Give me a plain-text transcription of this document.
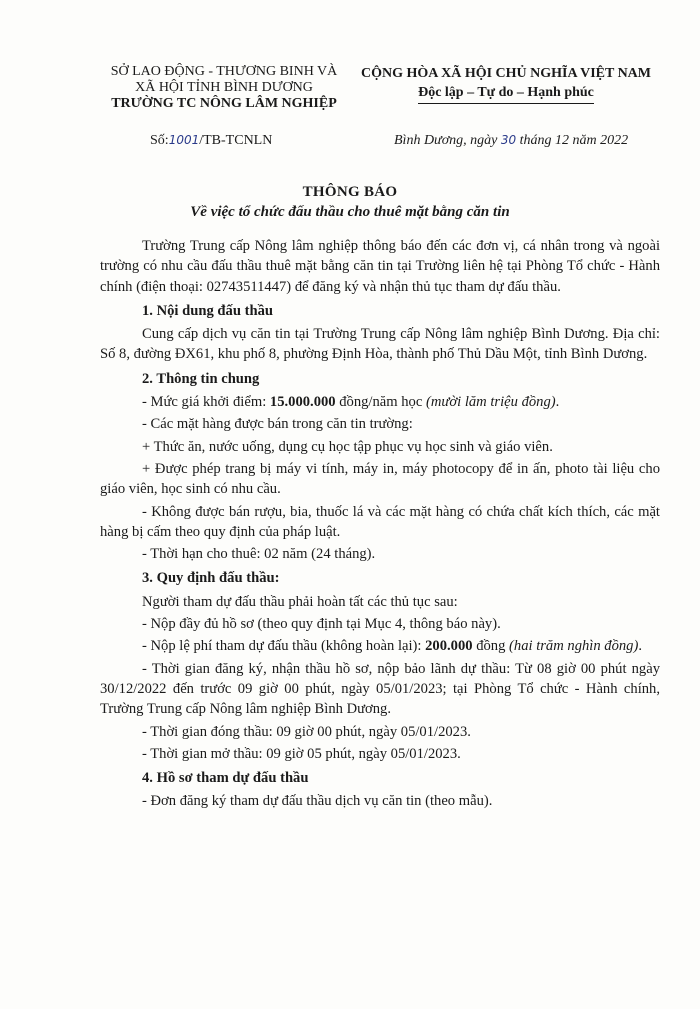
SỞ LAO ĐỘNG - THƯƠNG BINH VÀ
XÃ HỘI TỈNH BÌNH DƯƠNG
TRƯỜNG TC NÔNG LÂM NGHIỆP
CỘNG HÒA XÃ HỘI CHỦ NGHĨA VIỆT NAM
Độc lập – Tự do – Hạnh phúc
Số:1001/TB-TCNLN	Bình Dương, ngày 30 tháng 12 năm 2022
THÔNG BÁO
Về việc tổ chức đấu thầu cho thuê mặt bằng căn tin

Trường Trung cấp Nông lâm nghiệp thông báo đến các đơn vị, cá nhân trong và ngoài trường có nhu cầu đấu thầu thuê mặt bằng căn tin tại Trường liên hệ tại Phòng Tổ chức - Hành chính (điện thoại: 02743511447) để đăng ký và nhận thủ tục tham dự đấu thầu.

1. Nội dung đấu thầu

Cung cấp dịch vụ căn tin tại Trường Trung cấp Nông lâm nghiệp Bình Dương. Địa chỉ: Số 8, đường ĐX61, khu phố 8, phường Định Hòa, thành phố Thủ Dầu Một, tỉnh Bình Dương.

2. Thông tin chung

- Mức giá khởi điểm: 15.000.000 đồng/năm học (mười lăm triệu đồng).

- Các mặt hàng được bán trong căn tin trường:

+ Thức ăn, nước uống, dụng cụ học tập phục vụ học sinh và giáo viên.

+ Được phép trang bị máy vi tính, máy in, máy photocopy để in ấn, photo tài liệu cho giáo viên, học sinh có nhu cầu.

- Không được bán rượu, bia, thuốc lá và các mặt hàng có chứa chất kích thích, các mặt hàng bị cấm theo quy định của pháp luật.

- Thời hạn cho thuê: 02 năm (24 tháng).

3. Quy định đấu thầu:

Người tham dự đấu thầu phải hoàn tất các thủ tục sau:

- Nộp đầy đủ hồ sơ (theo quy định tại Mục 4, thông báo này).

- Nộp lệ phí tham dự đấu thầu (không hoàn lại): 200.000 đồng (hai trăm nghìn đồng).

- Thời gian đăng ký, nhận thầu hồ sơ, nộp bảo lãnh dự thầu: Từ 08 giờ 00 phút ngày 30/12/2022 đến trước 09 giờ 00 phút, ngày 05/01/2023; tại Phòng Tổ chức - Hành chính, Trường Trung cấp Nông lâm nghiệp Bình Dương.

- Thời gian đóng thầu: 09 giờ 00 phút, ngày 05/01/2023.

- Thời gian mở thầu: 09 giờ 05 phút, ngày 05/01/2023.

4. Hồ sơ tham dự đấu thầu

- Đơn đăng ký tham dự đấu thầu dịch vụ căn tin (theo mẫu).
